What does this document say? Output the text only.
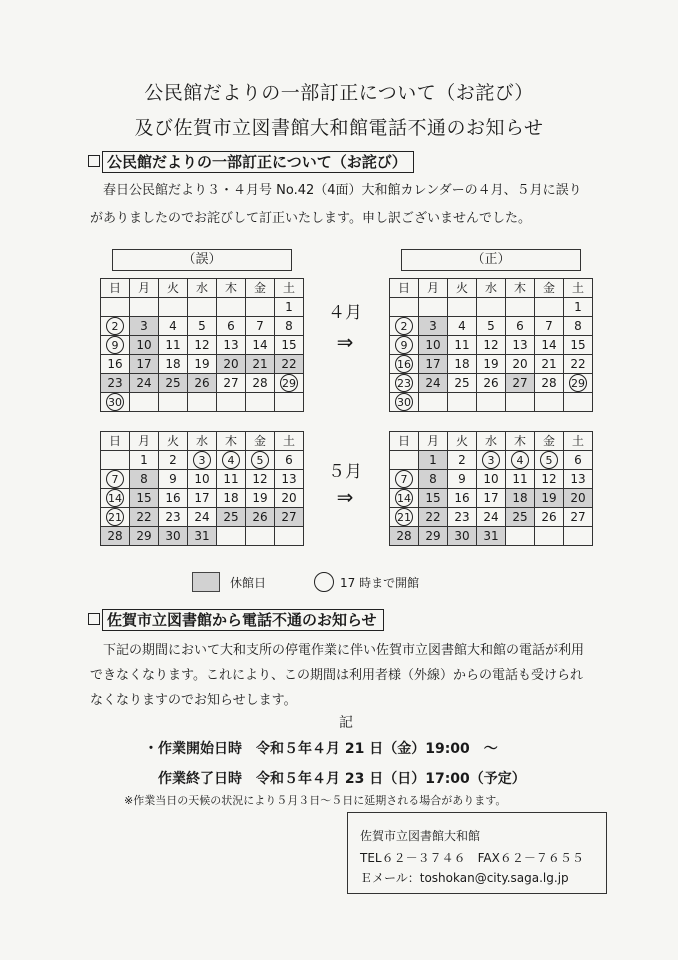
公民館だよりの一部訂正について（お詫び）
及び佐賀市立図書館大和館電話不通のお知らせ
公民館だよりの一部訂正について（お詫び）
春日公民館だより３・４月号 No.42（4面）大和館カレンダーの４月、５月に誤り
がありましたのでお詫びして訂正いたします。申し訳ございませんでした。
（誤）	（正）
日	月	火	水	木	金	土
						1
2	3	4	5	6	7	8
9	10	11	12	13	14	15
16	17	18	19	20	21	22
23	24	25	26	27	28	29
30						
日	月	火	水	木	金	土
						1
2	3	4	5	6	7	8
9	10	11	12	13	14	15
16	17	18	19	20	21	22
23	24	25	26	27	28	29
30						
日	月	火	水	木	金	土
	1	2	3	4	5	6
7	8	9	10	11	12	13
14	15	16	17	18	19	20
21	22	23	24	25	26	27
28	29	30	31			
日	月	火	水	木	金	土
	1	2	3	4	5	6
7	8	9	10	11	12	13
14	15	16	17	18	19	20
21	22	23	24	25	26	27
28	29	30	31			
４月
⇒
５月
⇒
休館日	17 時まで開館
佐賀市立図書館から電話不通のお知らせ
下記の期間において大和支所の停電作業に伴い佐賀市立図書館大和館の電話が利用
できなくなります。これにより、この期間は利用者様（外線）からの電話も受けられ
なくなりますのでお知らせします。
記
・作業開始日時　令和５年４月 21 日（金）19:00　～
作業終了日時　令和５年４月 23 日（日）17:00（予定）
※作業当日の天候の状況により５月３日～５日に延期される場合があります。
佐賀市立図書館大和館
TEL６２－３７４６　FAX６２－７６５５
Ｅメール：toshokan@city.saga.lg.jp
